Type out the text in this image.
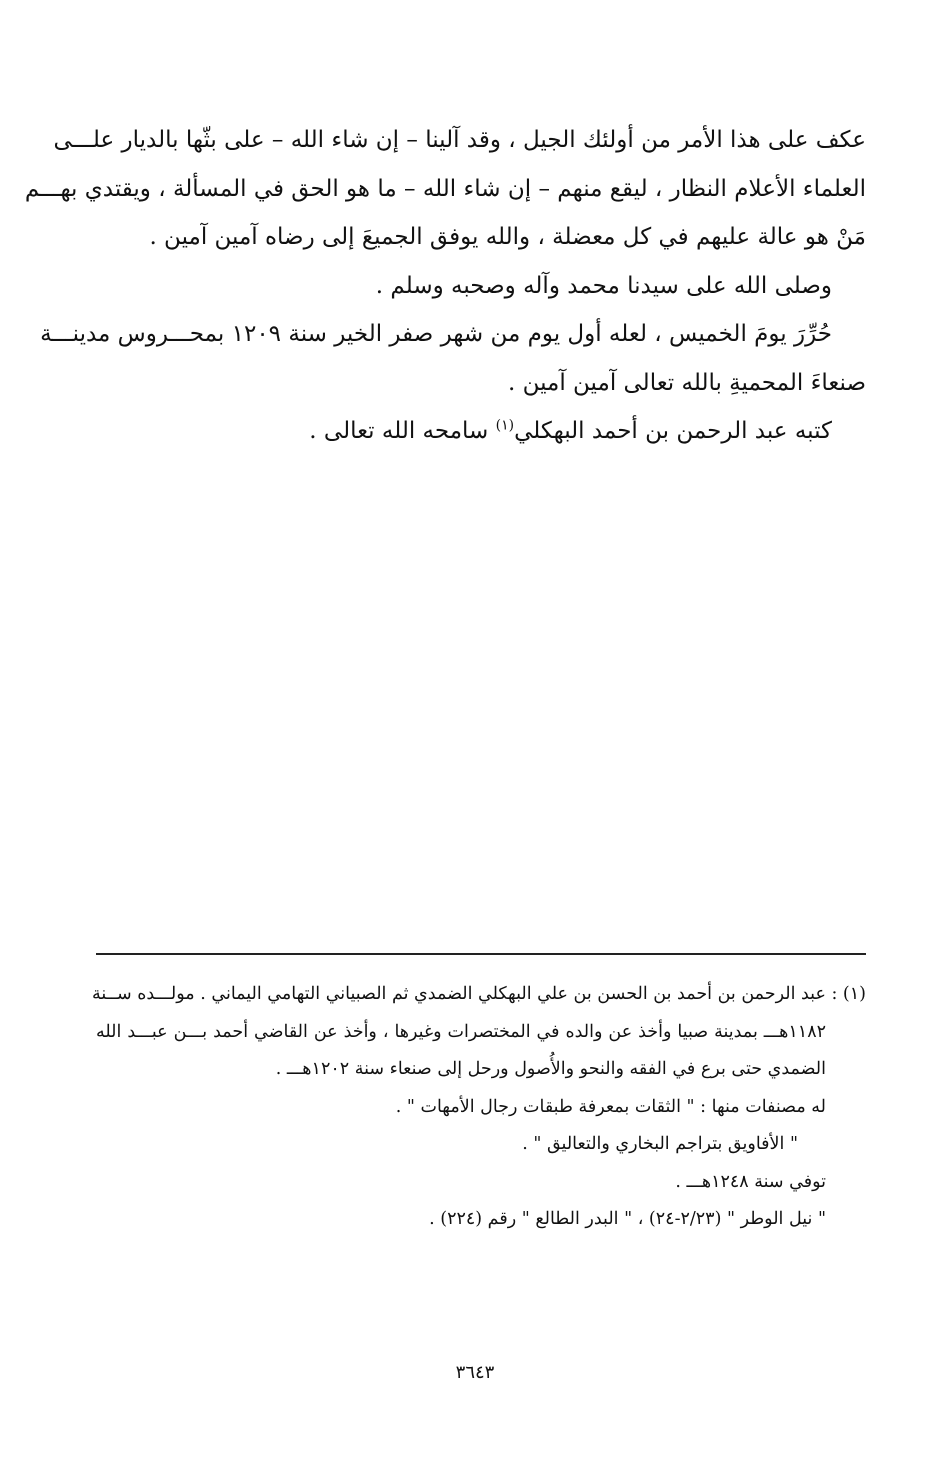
عكف على هذا الأمر من أولئك الجيل ، وقد آلينا – إن شاء الله – على بثّها بالديار علـــى
العلماء الأعلام النظار ، ليقع منهم – إن شاء الله – ما هو الحق في المسألة ، ويقتدي بهـــم
مَنْ هو عالة عليهم في كل معضلة ، والله يوفق الجميعَ إلى رضاه آمين آمين .
وصلى الله على سيدنا محمد وآله وصحبه وسلم .
حُرِّرَ يومَ الخميس ، لعله أول يوم من شهر صفر الخير سنة ١٢٠٩ بمحـــروس مدينـــة
صنعاءَ المحميةِ بالله تعالى آمين آمين .
كتبه عبد الرحمن بن أحمد البهكلي$^{(١)}$ سامحه الله تعالى .
(١) : عبد الرحمن بن أحمد بن الحسن بن علي البهكلي الضمدي ثم الصبياني التهامي اليماني . مولـــده ســنة
١١٨٢هـــ بمدينة صبيا وأخذ عن والده في المختصرات وغيرها ، وأخذ عن القاضي أحمد بـــن عبـــد الله
الضمدي حتى برع في الفقه والنحو والأُصول ورحل إلى صنعاء سنة ١٢٠٢هـــ .
له مصنفات منها : " الثقات بمعرفة طبقات رجال الأمهات " .
" الأفاويق بتراجم البخاري والتعاليق " .
توفي سنة ١٢٤٨هـــ .
" نيل الوطر " (٢/٢٣-٢٤) ، " البدر الطالع " رقم (٢٢٤) .
٣٦٤٣
